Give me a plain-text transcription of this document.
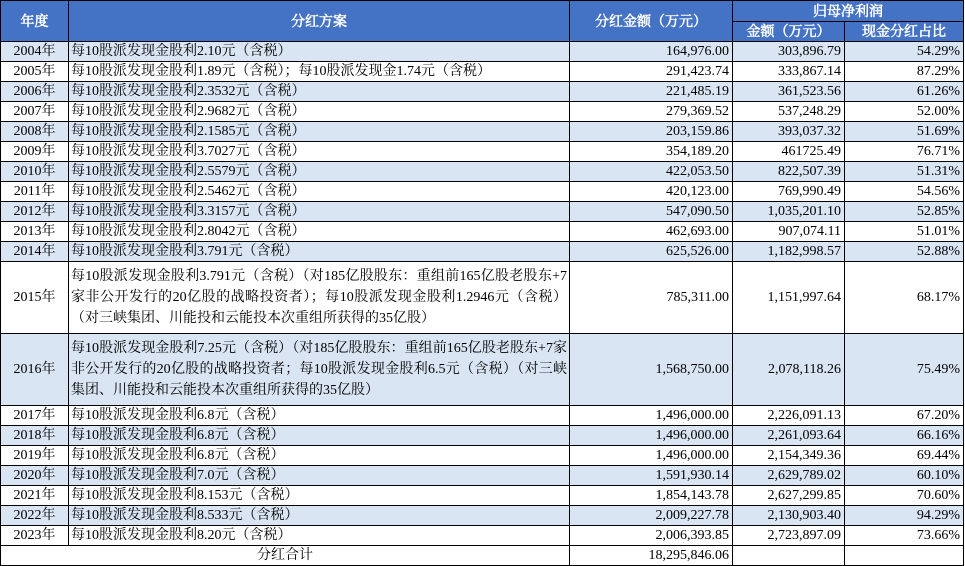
年度	分红方案	分红金额（万元）	归母净利润	
			金额（万元）	现金分红占比
2004年	每10股派发现金股利2.10元（含税）	164,976.00	303,896.79	54.29%
2005年	每10股派发现金股利1.89元（含税）；每10股派发现金1.74元（含税）	291,423.74	333,867.14	87.29%
2006年	每10股派发现金股利2.3532元（含税）	221,485.19	361,523.56	61.26%
2007年	每10股派发现金股利2.9682元（含税）	279,369.52	537,248.29	52.00%
2008年	每10股派发现金股利2.1585元（含税）	203,159.86	393,037.32	51.69%
2009年	每10股派发现金股利3.7027元（含税）	354,189.20	461725.49	76.71%
2010年	每10股派发现金股利2.5579元（含税）	422,053.50	822,507.39	51.31%
2011年	每10股派发现金股利2.5462元（含税）	420,123.00	769,990.49	54.56%
2012年	每10股派发现金股利3.3157元（含税）	547,090.50	1,035,201.10	52.85%
2013年	每10股派发现金股利2.8042元（含税）	462,693.00	907,074.11	51.01%
2014年	每10股派发现金股利3.791元（含税）	625,526.00	1,182,998.57	52.88%
2015年	每10股派发现金股利3.791元（含税）（对185亿股股东：重组前165亿股老股东+7家非公开发行的20亿股的战略投资者）；每10股派发现金股利1.2946元（含税）（对三峡集团、川能投和云能投本次重组所获得的35亿股）	785,311.00	1,151,997.64	68.17%
2016年	每10股派发现金股利7.25元（含税）（对185亿股股东：重组前165亿股老股东+7家非公开发行的20亿股的战略投资者；每10股派发现金股利6.5元（含税）（对三峡集团、川能投和云能投本次重组所获得的35亿股）	1,568,750.00	2,078,118.26	75.49%
2017年	每10股派发现金股利6.8元（含税）	1,496,000.00	2,226,091.13	67.20%
2018年	每10股派发现金股利6.8元（含税）	1,496,000.00	2,261,093.64	66.16%
2019年	每10股派发现金股利6.8元（含税）	1,496,000.00	2,154,349.36	69.44%
2020年	每10股派发现金股利7.0元（含税）	1,591,930.14	2,629,789.02	60.10%
2021年	每10股派发现金股利8.153元（含税）	1,854,143.78	2,627,299.85	70.60%
2022年	每10股派发现金股利8.533元（含税）	2,009,227.78	2,130,903.40	94.29%
2023年	每10股派发现金股利8.20元（含税）	2,006,393.85	2,723,897.09	73.66%
分红合计		18,295,846.06		
